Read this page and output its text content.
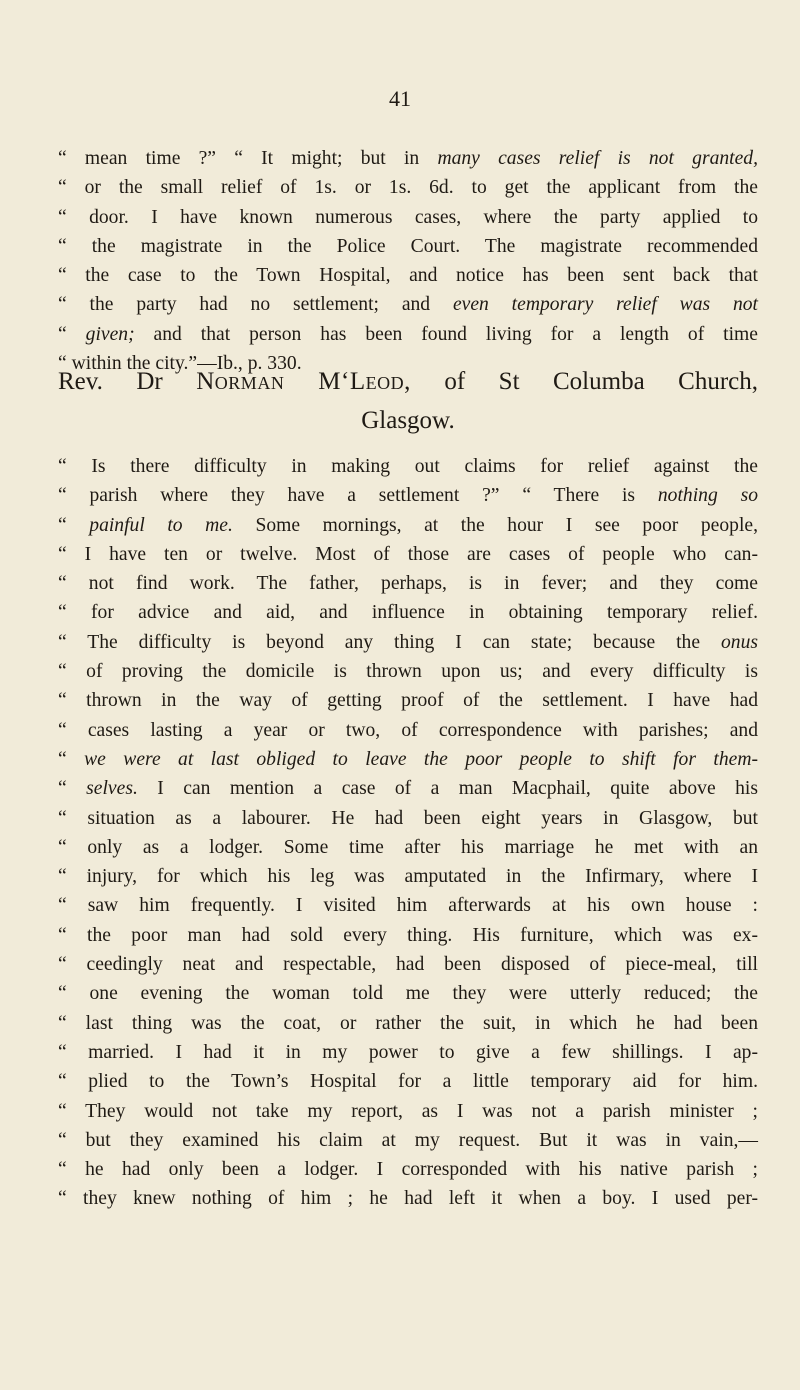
41
“ mean time ?” “ It might; but in many cases relief is not granted,
“ or the small relief of 1s. or 1s. 6d. to get the applicant from the
“ door. I have known numerous cases, where the party applied to
“ the magistrate in the Police Court. The magistrate recommended
“ the case to the Town Hospital, and notice has been sent back that
“ the party had no settlement; and even temporary relief was not
“ given; and that person has been found living for a length of time
“ within the city.”—Ib., p. 330.
Rev. Dr Norman M‘Leod, of St Columba Church,
Glasgow.
“ Is there difficulty in making out claims for relief against the
“ parish where they have a settlement ?” “ There is nothing so
“ painful to me. Some mornings, at the hour I see poor people,
“ I have ten or twelve. Most of those are cases of people who can-
“ not find work. The father, perhaps, is in fever; and they come
“ for advice and aid, and influence in obtaining temporary relief.
“ The difficulty is beyond any thing I can state; because the onus
“ of proving the domicile is thrown upon us; and every difficulty is
“ thrown in the way of getting proof of the settlement. I have had
“ cases lasting a year or two, of correspondence with parishes; and
“ we were at last obliged to leave the poor people to shift for them-
“ selves. I can mention a case of a man Macphail, quite above his
“ situation as a labourer. He had been eight years in Glasgow, but
“ only as a lodger. Some time after his marriage he met with an
“ injury, for which his leg was amputated in the Infirmary, where I
“ saw him frequently. I visited him afterwards at his own house :
“ the poor man had sold every thing. His furniture, which was ex-
“ ceedingly neat and respectable, had been disposed of piece-meal, till
“ one evening the woman told me they were utterly reduced; the
“ last thing was the coat, or rather the suit, in which he had been
“ married. I had it in my power to give a few shillings. I ap-
“ plied to the Town’s Hospital for a little temporary aid for him.
“ They would not take my report, as I was not a parish minister ;
“ but they examined his claim at my request. But it was in vain,—
“ he had only been a lodger. I corresponded with his native parish ;
“ they knew nothing of him ; he had left it when a boy. I used per-
